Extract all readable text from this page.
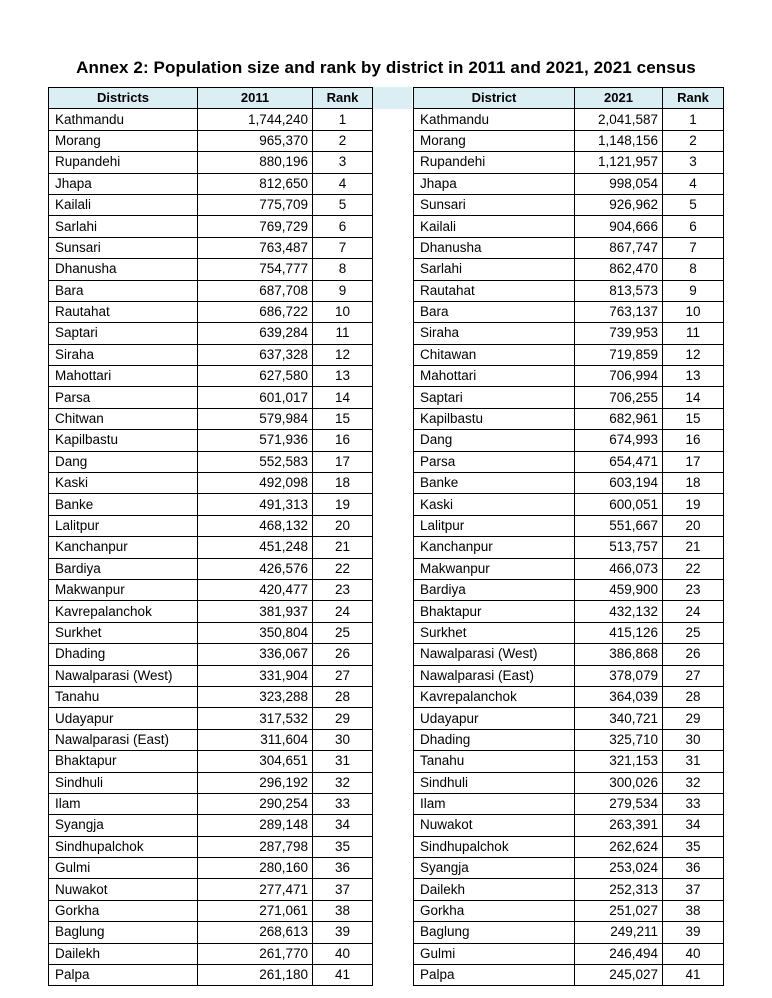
Annex 2: Population size and rank by district in 2011 and 2021, 2021 census
Districts	2011	Rank
Kathmandu	1,744,240	1
Morang	965,370	2
Rupandehi	880,196	3
Jhapa	812,650	4
Kailali	775,709	5
Sarlahi	769,729	6
Sunsari	763,487	7
Dhanusha	754,777	8
Bara	687,708	9
Rautahat	686,722	10
Saptari	639,284	11
Siraha	637,328	12
Mahottari	627,580	13
Parsa	601,017	14
Chitwan	579,984	15
Kapilbastu	571,936	16
Dang	552,583	17
Kaski	492,098	18
Banke	491,313	19
Lalitpur	468,132	20
Kanchanpur	451,248	21
Bardiya	426,576	22
Makwanpur	420,477	23
Kavrepalanchok	381,937	24
Surkhet	350,804	25
Dhading	336,067	26
Nawalparasi (West)	331,904	27
Tanahu	323,288	28
Udayapur	317,532	29
Nawalparasi (East)	311,604	30
Bhaktapur	304,651	31
Sindhuli	296,192	32
Ilam	290,254	33
Syangja	289,148	34
Sindhupalchok	287,798	35
Gulmi	280,160	36
Nuwakot	277,471	37
Gorkha	271,061	38
Baglung	268,613	39
Dailekh	261,770	40
Palpa	261,180	41
District	2021	Rank
Kathmandu	2,041,587	1
Morang	1,148,156	2
Rupandehi	1,121,957	3
Jhapa	998,054	4
Sunsari	926,962	5
Kailali	904,666	6
Dhanusha	867,747	7
Sarlahi	862,470	8
Rautahat	813,573	9
Bara	763,137	10
Siraha	739,953	11
Chitawan	719,859	12
Mahottari	706,994	13
Saptari	706,255	14
Kapilbastu	682,961	15
Dang	674,993	16
Parsa	654,471	17
Banke	603,194	18
Kaski	600,051	19
Lalitpur	551,667	20
Kanchanpur	513,757	21
Makwanpur	466,073	22
Bardiya	459,900	23
Bhaktapur	432,132	24
Surkhet	415,126	25
Nawalparasi (West)	386,868	26
Nawalparasi (East)	378,079	27
Kavrepalanchok	364,039	28
Udayapur	340,721	29
Dhading	325,710	30
Tanahu	321,153	31
Sindhuli	300,026	32
Ilam	279,534	33
Nuwakot	263,391	34
Sindhupalchok	262,624	35
Syangja	253,024	36
Dailekh	252,313	37
Gorkha	251,027	38
Baglung	249,211	39
Gulmi	246,494	40
Palpa	245,027	41
